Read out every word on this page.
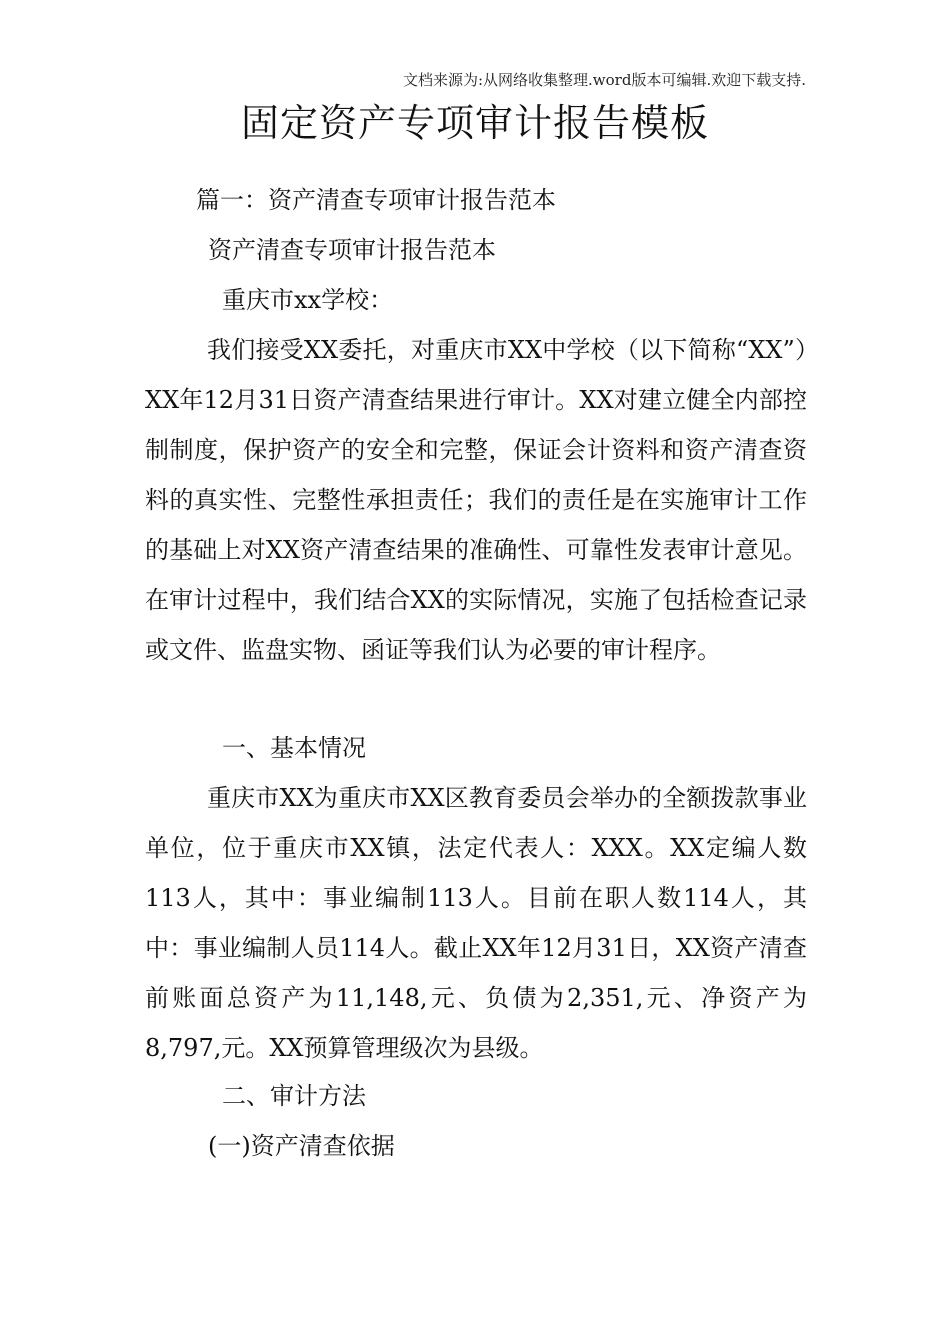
文档来源为:从网络收集整理.word版本可编辑.欢迎下载支持.
固定资产专项审计报告模板
篇一：资产清查专项审计报告范本
资产清查专项审计报告范本
重庆市xx学校：

我们接受XX委托，对重庆市XX中学校（以下简称“XX”）XX年12月31日资产清查结果进行审计。XX对建立健全内部控制制度，保护资产的安全和完整，保证会计资料和资产清查资料的真实性、完整性承担责任；我们的责任是在实施审计工作的基础上对XX资产清查结果的准确性、可靠性发表审计意见。在审计过程中，我们结合XX的实际情况，实施了包括检查记录或文件、监盘实物、函证等我们认为必要的审计程序。

一、基本情况

重庆市XX为重庆市XX区教育委员会举办的全额拨款事业单位，位于重庆市XX镇，法定代表人：XXX。XX定编人数113人，其中：事业编制113人。目前在职人数114人，其中：事业编制人员114人。截止XX年12月31日，XX资产清查前账面总资产为11,148,元、负债为2,351,元、净资产为8,797,元。XX预算管理级次为县级。

二、审计方法
(一)资产清查依据
